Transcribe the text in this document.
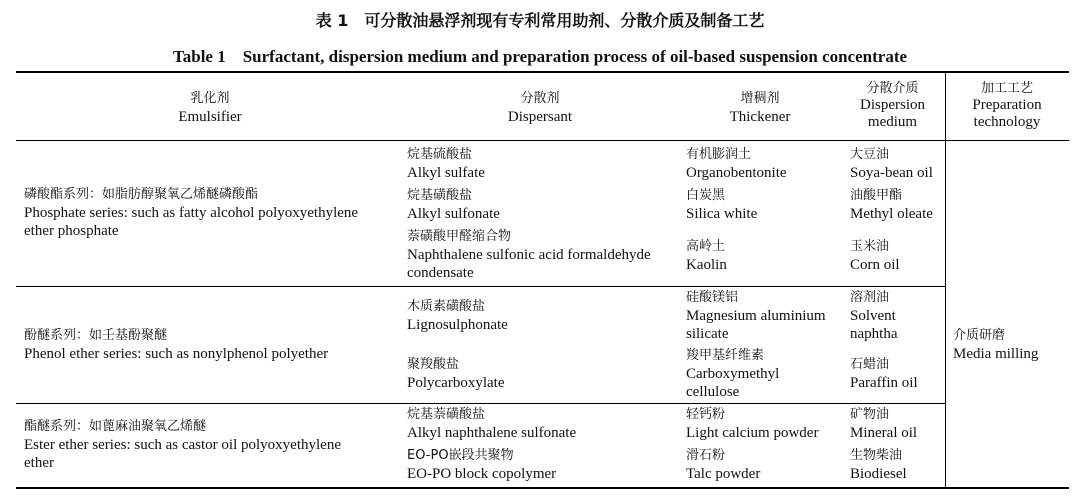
表 1　可分散油悬浮剂现有专利常用助剂、分散介质及制备工艺
Table 1　Surfactant, dispersion medium and preparation process of oil-based suspension concentrate
乳化剂
Emulsifier
分散剂
Dispersant
增稠剂
Thickener
分散介质
Dispersion
medium
加工工艺
Preparation
technology
磷酸酯系列：如脂肪醇聚氧乙烯醚磷酸酯
Phosphate series: such as fatty alcohol polyoxyethylene
ether phosphate
烷基硫酸盐
Alkyl sulfate
烷基磺酸盐
Alkyl sulfonate
萘磺酸甲醛缩合物
Naphthalene sulfonic acid formaldehyde
condensate
有机膨润土
Organobentonite
白炭黑
Silica white
高岭土
Kaolin
大豆油
Soya-bean oil
油酸甲酯
Methyl oleate
玉米油
Corn oil
酚醚系列：如壬基酚聚醚
Phenol ether series: such as nonylphenol polyether
木质素磺酸盐
Lignosulphonate
聚羧酸盐
Polycarboxylate
硅酸镁铝
Magnesium aluminium
silicate
羧甲基纤维素
Carboxymethyl
cellulose
溶剂油
Solvent
naphtha
石蜡油
Paraffin oil
酯醚系列：如蓖麻油聚氧乙烯醚
Ester ether series: such as castor oil polyoxyethylene
ether
烷基萘磺酸盐
Alkyl naphthalene sulfonate
EO-PO嵌段共聚物
EO-PO block copolymer
轻钙粉
Light calcium powder
滑石粉
Talc powder
矿物油
Mineral oil
生物柴油
Biodiesel
介质研磨
Media milling
